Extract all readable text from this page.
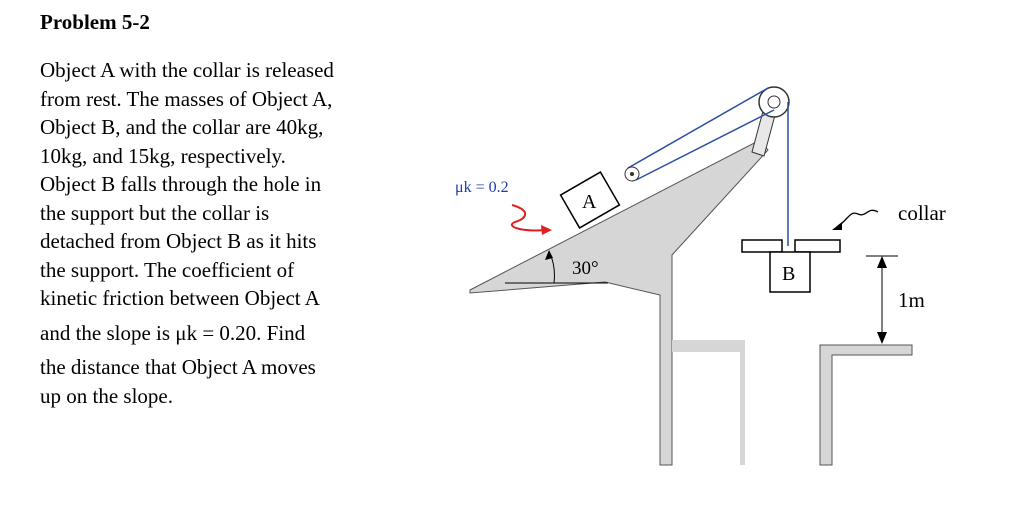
Problem 5-2
Object A with the collar is released
from rest. The masses of Object A,
Object B, and the collar are 40kg,
10kg, and 15kg, respectively.
Object B falls through the hole in
the support but the collar is
detached from Object B as it hits
the support. The coefficient of
kinetic friction between Object A
and the slope is μk = 0.20. Find
the distance that Object A moves
up on the slope.
A
μk = 0.2
30°	B
collar
1m
